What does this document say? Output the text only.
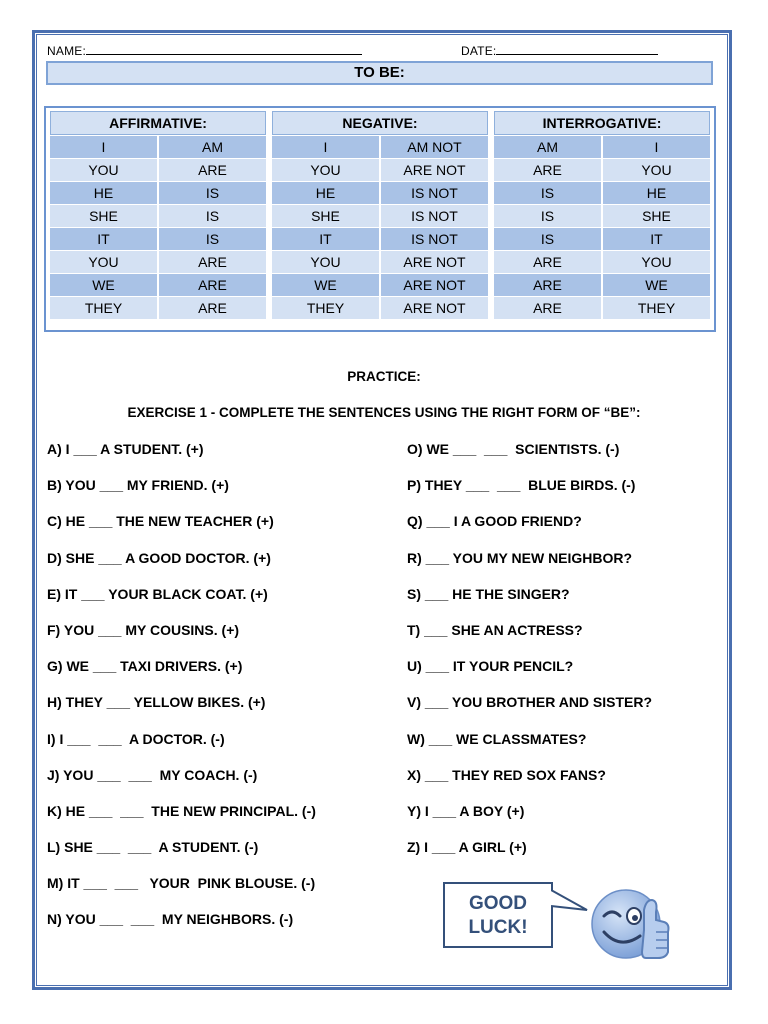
NAME:	DATE:
TO BE:
AFFIRMATIVE:			NEGATIVE:			INTERROGATIVE:	
I	AM		I	AM NOT		AM	I
YOU	ARE		YOU	ARE NOT		ARE	YOU
HE	IS		HE	IS NOT		IS	HE
SHE	IS		SHE	IS NOT		IS	SHE
IT	IS		IT	IS NOT		IS	IT
YOU	ARE		YOU	ARE NOT		ARE	YOU
WE	ARE		WE	ARE NOT		ARE	WE
THEY	ARE		THEY	ARE NOT		ARE	THEY
PRACTICE:
EXERCISE 1 - COMPLETE THE SENTENCES USING THE RIGHT FORM OF “BE”:
A) I ___ A STUDENT. (+)
B) YOU ___ MY FRIEND. (+)
C) HE ___ THE NEW TEACHER (+)
D) SHE ___ A GOOD DOCTOR. (+)
E) IT ___ YOUR BLACK COAT. (+)
F) YOU ___ MY COUSINS. (+)
G) WE ___ TAXI DRIVERS. (+)
H) THEY ___ YELLOW BIKES. (+)
I) I ___  ___  A DOCTOR. (-)
J) YOU ___  ___  MY COACH. (-)
K) HE ___  ___  THE NEW PRINCIPAL. (-)
L) SHE ___  ___  A STUDENT. (-)
M) IT ___  ___   YOUR  PINK BLOUSE. (-)
N) YOU ___  ___  MY NEIGHBORS. (-)
O) WE ___  ___  SCIENTISTS. (-)
P) THEY ___  ___  BLUE BIRDS. (-)
Q) ___ I A GOOD FRIEND?
R) ___ YOU MY NEW NEIGHBOR?
S) ___ HE THE SINGER?
T) ___ SHE AN ACTRESS?
U) ___ IT YOUR PENCIL?
V) ___ YOU BROTHER AND SISTER?
W) ___ WE CLASSMATES?
X) ___ THEY RED SOX FANS?
Y) I ___ A BOY (+)
Z) I ___ A GIRL (+)
GOOD
LUCK!
